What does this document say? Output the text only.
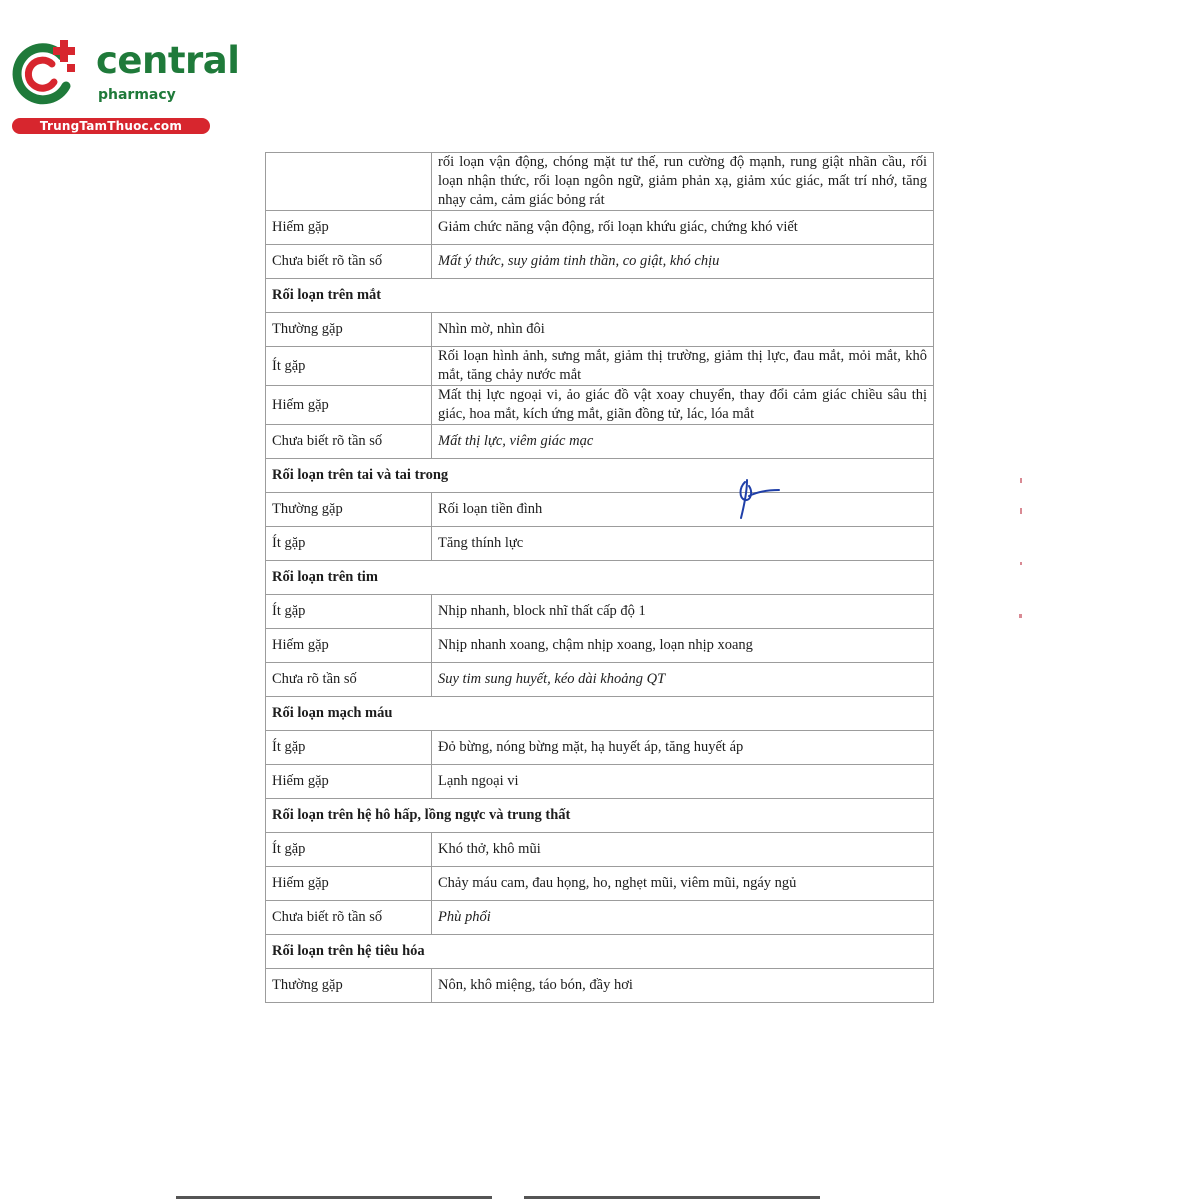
central
pharmacy
TrungTamThuoc.com
	rối loạn vận động, chóng mặt tư thế, run cường độ mạnh, rung giật nhãn cầu, rối loạn nhận thức, rối loạn ngôn ngữ, giảm phản xạ, giảm xúc giác, mất trí nhớ, tăng nhạy cảm, cảm giác bỏng rát
Hiếm gặp	Giảm chức năng vận động, rối loạn khứu giác, chứng khó viết
Chưa biết rõ tần số	Mất ý thức, suy giảm tinh thần, co giật, khó chịu
Rối loạn trên mắt	
Thường gặp	Nhìn mờ, nhìn đôi
Ít gặp	Rối loạn hình ảnh, sưng mắt, giảm thị trường, giảm thị lực, đau mắt, mỏi mắt, khô mắt, tăng chảy nước mắt
Hiếm gặp	Mất thị lực ngoại vi, ảo giác đồ vật xoay chuyển, thay đổi cảm giác chiều sâu thị giác, hoa mắt, kích ứng mắt, giãn đồng tử, lác, lóa mắt
Chưa biết rõ tần số	Mất thị lực, viêm giác mạc
Rối loạn trên tai và tai trong	
Thường gặp	Rối loạn tiền đình
Ít gặp	Tăng thính lực
Rối loạn trên tim	
Ít gặp	Nhịp nhanh, block nhĩ thất cấp độ 1
Hiếm gặp	Nhịp nhanh xoang, chậm nhịp xoang, loạn nhịp xoang
Chưa rõ tần số	Suy tim sung huyết, kéo dài khoảng QT
Rối loạn mạch máu	
Ít gặp	Đỏ bừng, nóng bừng mặt, hạ huyết áp, tăng huyết áp
Hiếm gặp	Lạnh ngoại vi
Rối loạn trên hệ hô hấp, lồng ngực và trung thất	
Ít gặp	Khó thở, khô mũi
Hiếm gặp	Chảy máu cam, đau họng, ho, nghẹt mũi, viêm mũi, ngáy ngủ
Chưa biết rõ tần số	Phù phổi
Rối loạn trên hệ tiêu hóa	
Thường gặp	Nôn, khô miệng, táo bón, đầy hơi
